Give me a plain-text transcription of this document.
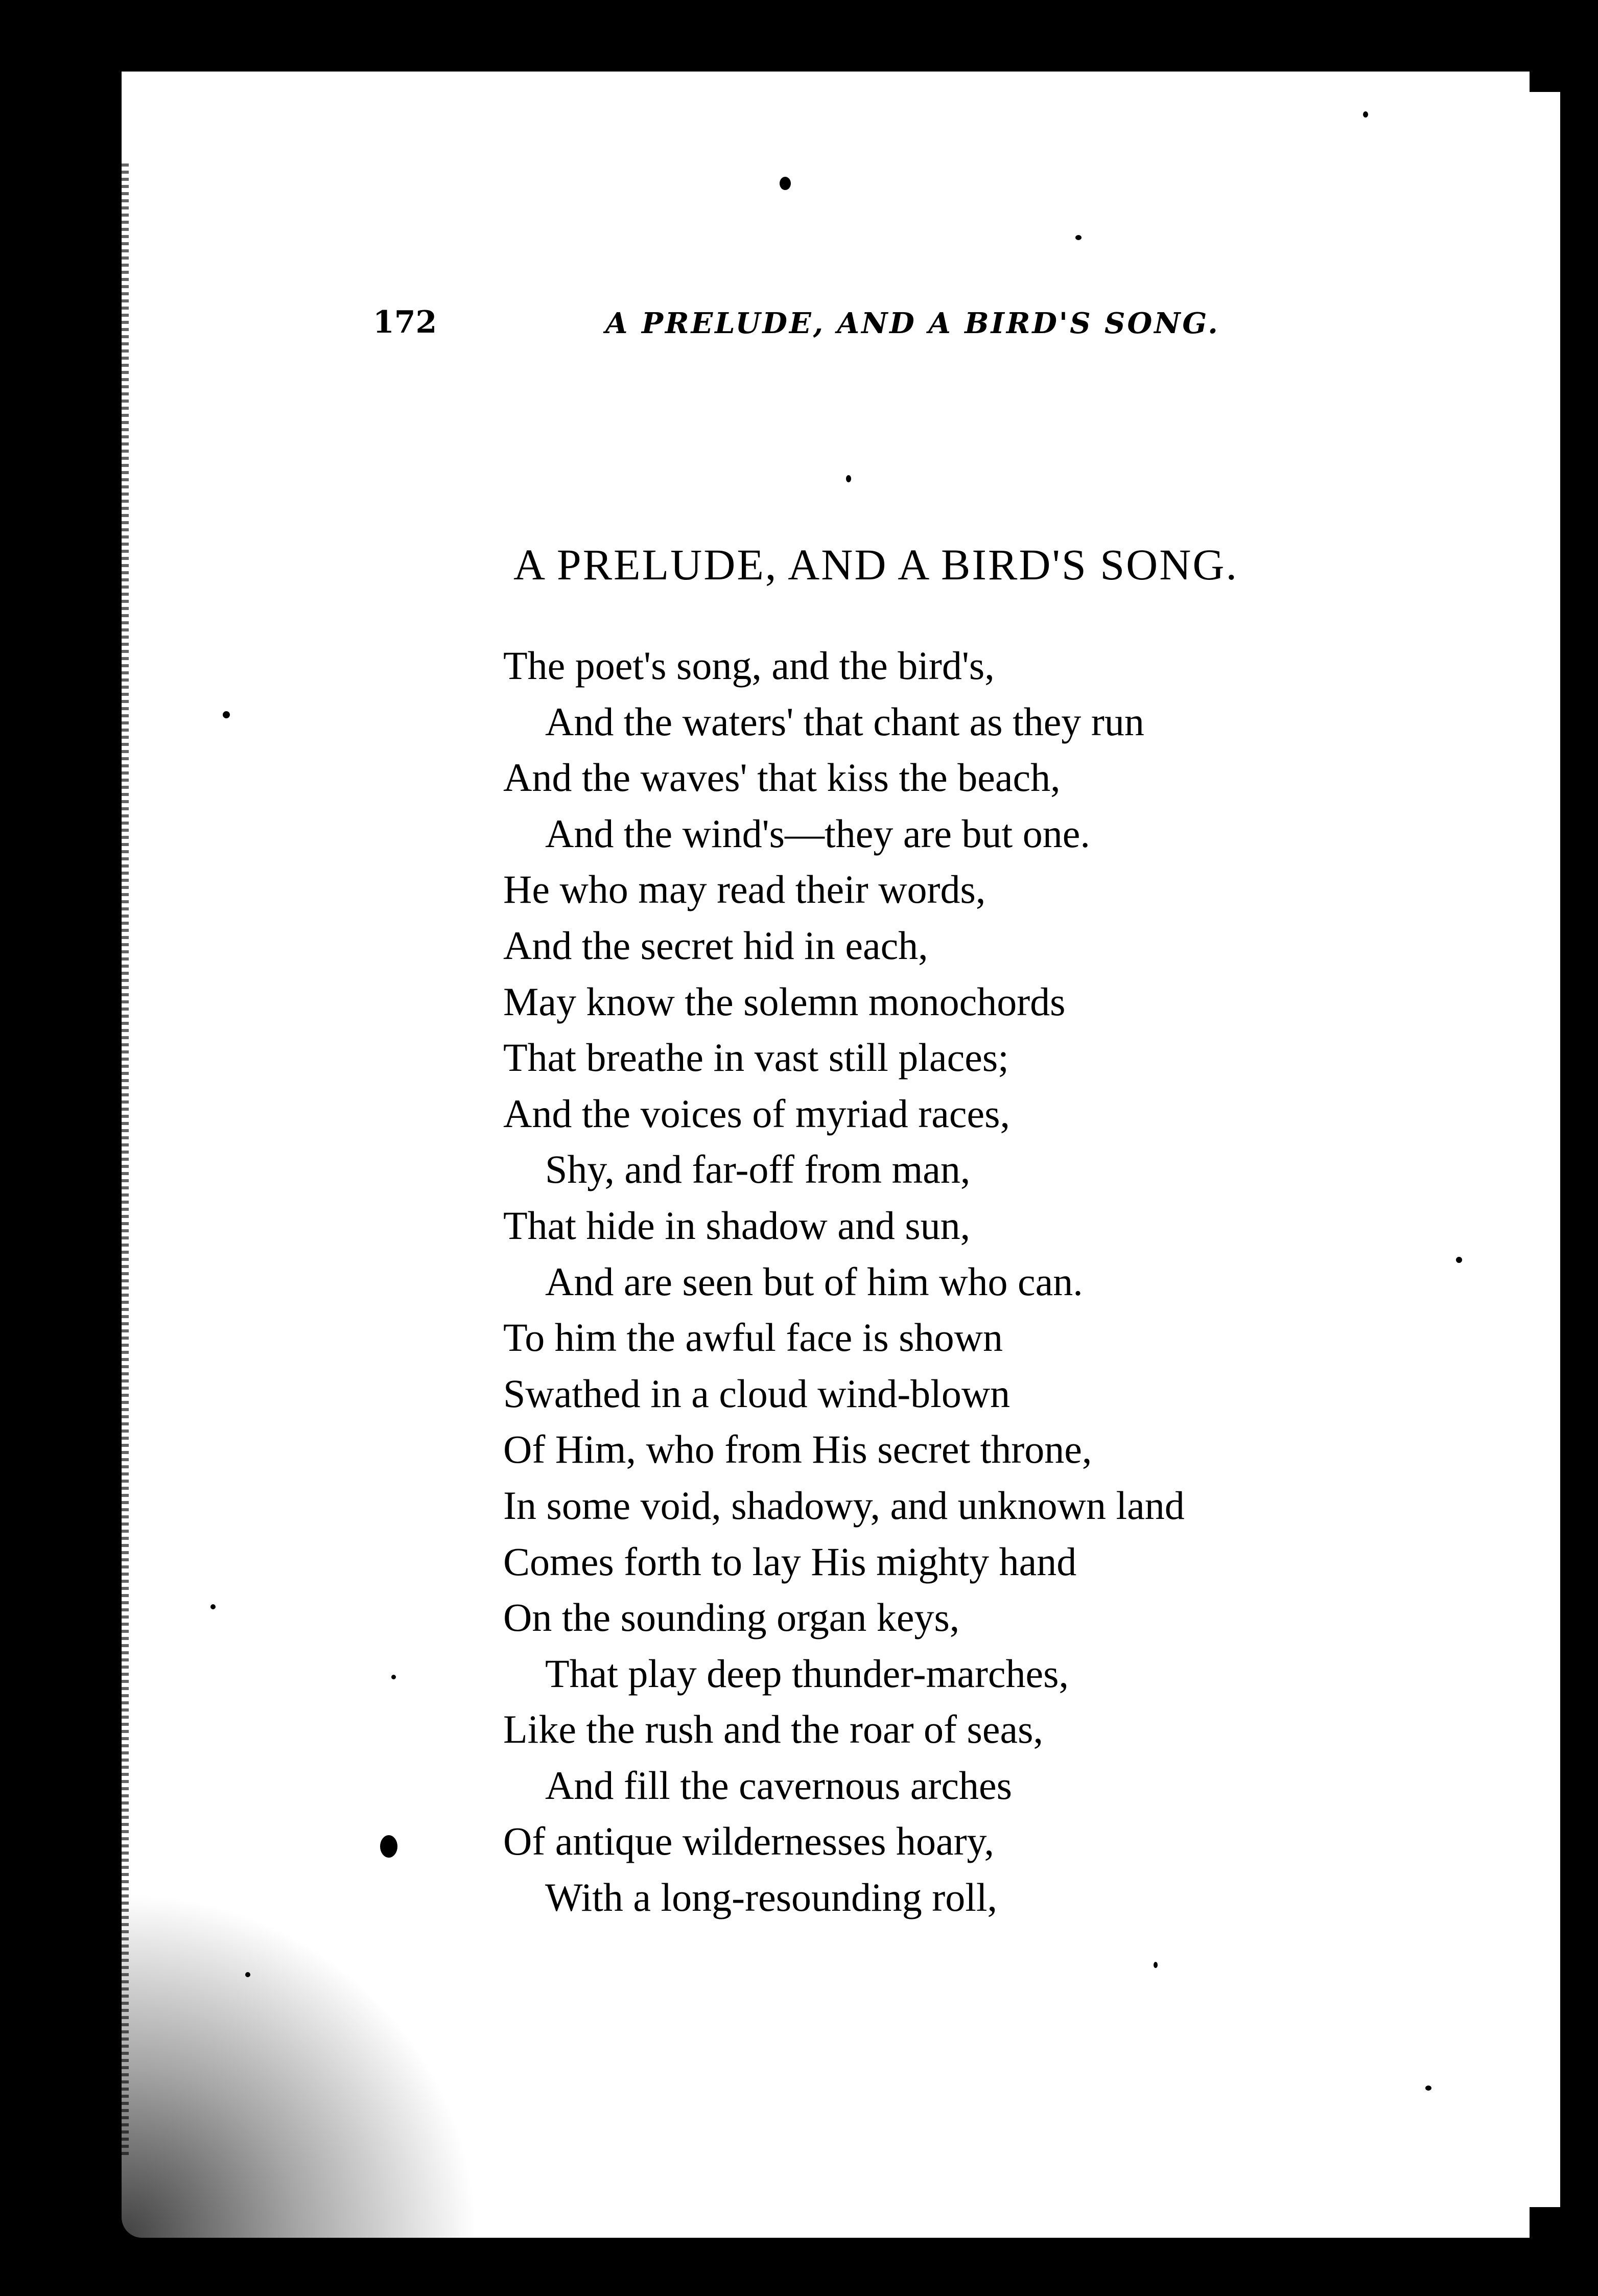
172	A PRELUDE, AND A BIRD'S SONG.
A PRELUDE, AND A BIRD'S SONG.
The poet's song, and the bird's,
And the waters' that chant as they run
And the waves' that kiss the beach,
And the wind's—they are but one.
He who may read their words,
And the secret hid in each,
May know the solemn monochords
That breathe in vast still places;
And the voices of myriad races,
Shy, and far-off from man,
That hide in shadow and sun,
And are seen but of him who can.
To him the awful face is shown
Swathed in a cloud wind-blown
Of Him, who from His secret throne,
In some void, shadowy, and unknown land
Comes forth to lay His mighty hand
On the sounding organ keys,
That play deep thunder-marches,
Like the rush and the roar of seas,
And fill the cavernous arches
Of antique wildernesses hoary,
With a long-resounding roll,
